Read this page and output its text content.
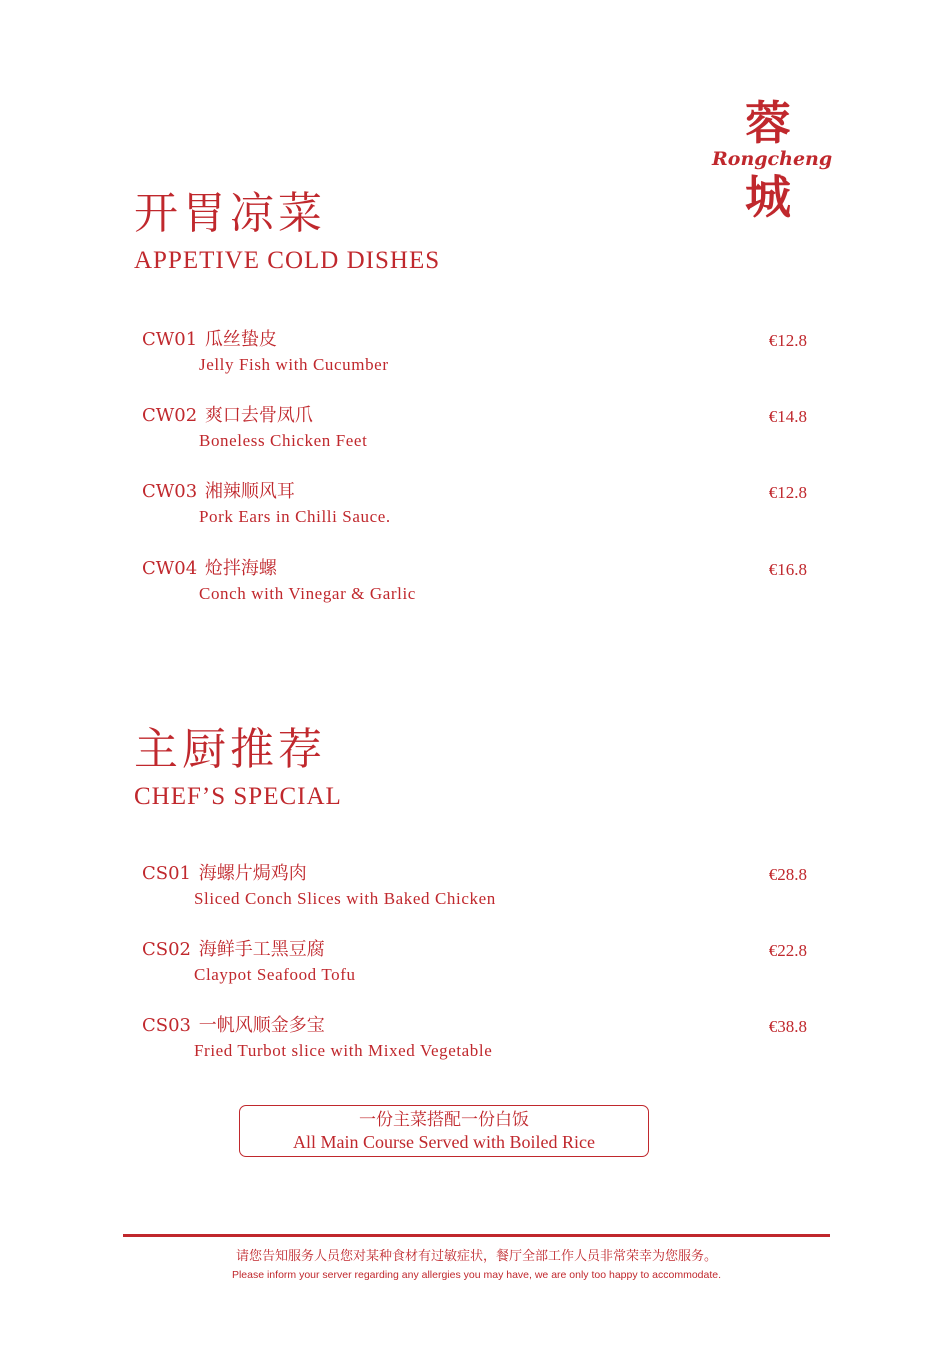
蓉
Rongcheng
城
开胃凉菜
APPETIVE COLD DISHES
CW01 瓜丝蛰皮
Jelly Fish with Cucumber
€12.8
CW02 爽口去骨凤爪
Boneless Chicken Feet
€14.8
CW03 湘辣顺风耳
Pork Ears in Chilli Sauce.
€12.8
CW04 炝拌海螺
Conch with Vinegar & Garlic
€16.8
主厨推荐
CHEF’S SPECIAL
CS01 海螺片焗鸡肉
Sliced Conch Slices with Baked Chicken
€28.8
CS02 海鲜手工黑豆腐
Claypot Seafood Tofu
€22.8
CS03 一帆风顺金多宝
Fried Turbot slice with Mixed Vegetable
€38.8
一份主菜搭配一份白饭
All Main Course Served with Boiled Rice
请您告知服务人员您对某种食材有过敏症状，餐厅全部工作人员非常荣幸为您服务。
Please inform your server regarding any allergies you may have, we are only too happy to accommodate.
